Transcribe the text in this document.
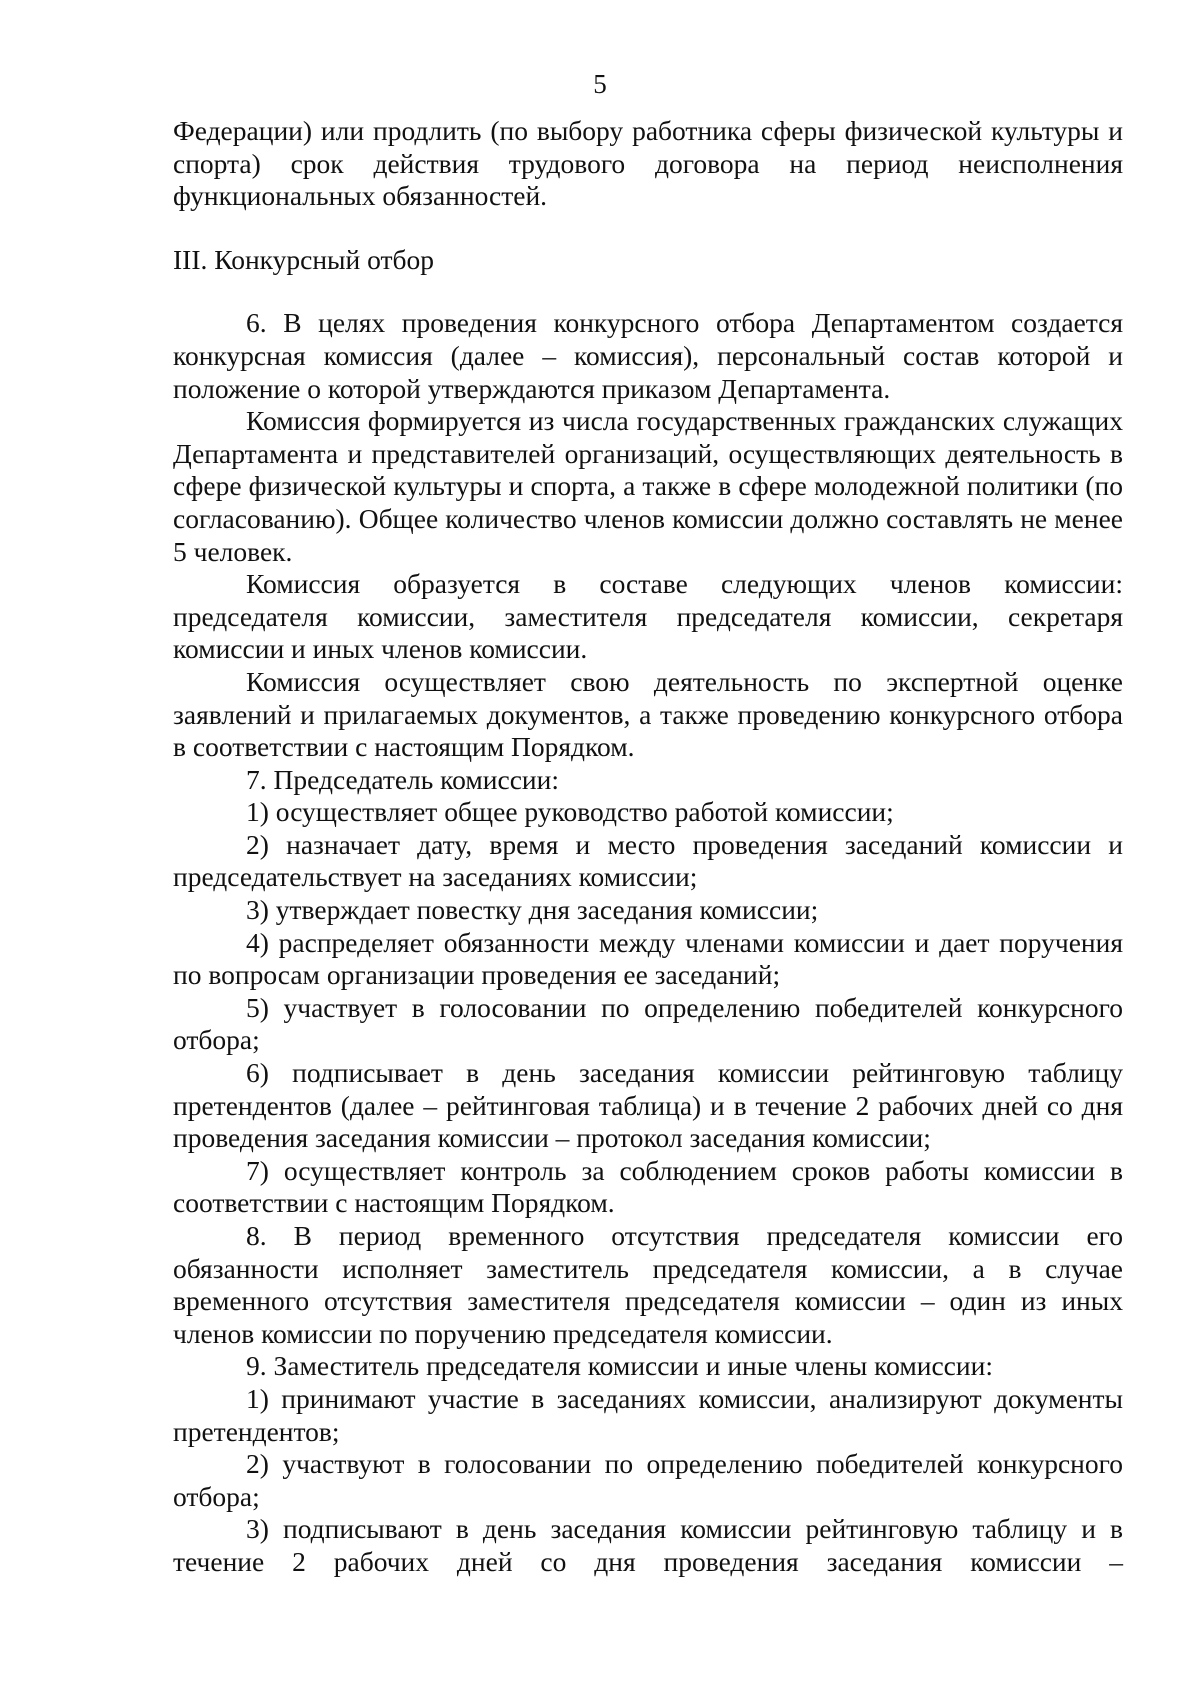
5

Федерации) или продлить (по выбору работника сферы физической культуры и спорта) срок действия трудового договора на период неисполнения функциональных обязанностей.

III. Конкурсный отбор

6. В целях проведения конкурсного отбора Департаментом создается конкурсная комиссия (далее – комиссия), персональный состав которой и положение о которой утверждаются приказом Департамента.

Комиссия формируется из числа государственных гражданских служащих Департамента и представителей организаций, осуществляющих деятельность в сфере физической культуры и спорта, а также в сфере молодежной политики (по согласованию). Общее количество членов комиссии должно составлять не менее 5 человек.

Комиссия образуется в составе следующих членов комиссии: председателя комиссии, заместителя председателя комиссии, секретаря комиссии и иных членов комиссии.

Комиссия осуществляет свою деятельность по экспертной оценке заявлений и прилагаемых документов, а также проведению конкурсного отбора в соответствии с настоящим Порядком.

7. Председатель комиссии:

1) осуществляет общее руководство работой комиссии;

2) назначает дату, время и место проведения заседаний комиссии и председательствует на заседаниях комиссии;

3) утверждает повестку дня заседания комиссии;

4) распределяет обязанности между членами комиссии и дает поручения по вопросам организации проведения ее заседаний;

5) участвует в голосовании по определению победителей конкурсного отбора;

6) подписывает в день заседания комиссии рейтинговую таблицу претендентов (далее – рейтинговая таблица) и в течение 2 рабочих дней со дня проведения заседания комиссии – протокол заседания комиссии;

7) осуществляет контроль за соблюдением сроков работы комиссии в соответствии с настоящим Порядком.

8. В период временного отсутствия председателя комиссии его обязанности исполняет заместитель председателя комиссии, а в случае временного отсутствия заместителя председателя комиссии – один из иных членов комиссии по поручению председателя комиссии.

9. Заместитель председателя комиссии и иные члены комиссии:

1) принимают участие в заседаниях комиссии, анализируют документы претендентов;

2) участвуют в голосовании по определению победителей конкурсного отбора;

3) подписывают в день заседания комиссии рейтинговую таблицу и в течение 2 рабочих дней со дня проведения заседания комиссии –
